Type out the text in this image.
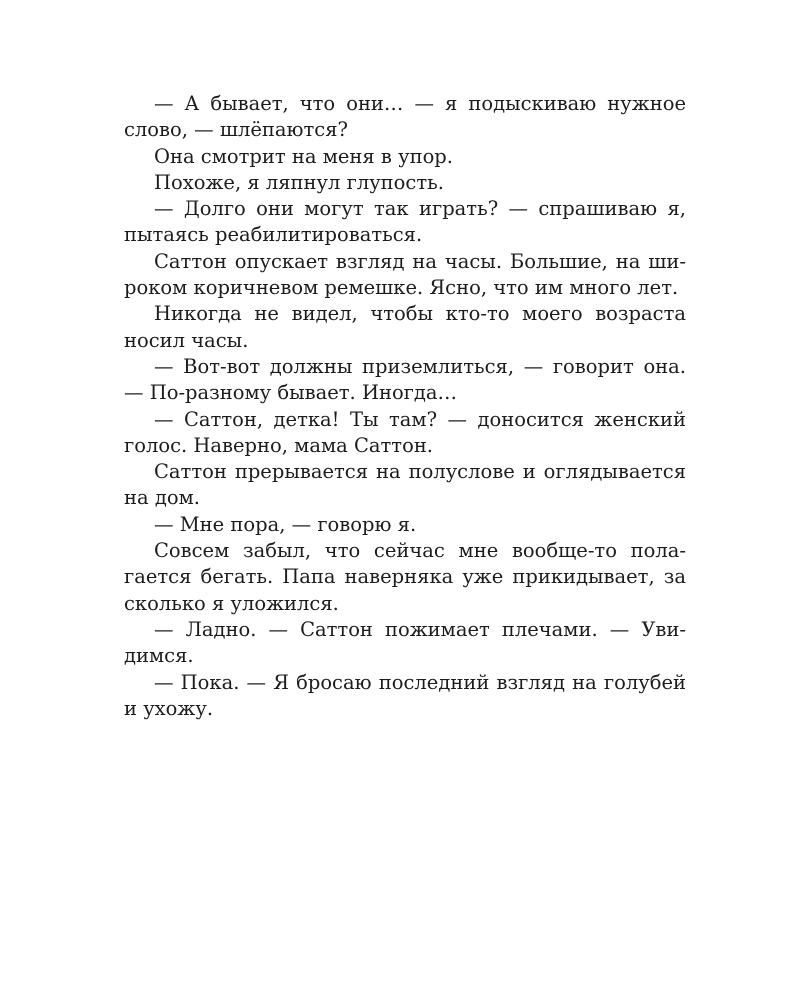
— А бывает, что они… — я подыскиваю нужное слово, — шлёпаются?

Она смотрит на меня в упор.

Похоже, я ляпнул глупость.

— Долго они могут так играть? — спрашиваю я, пытаясь реабилитироваться.

Саттон опускает взгляд на часы. Большие, на широком коричневом ремешке. Ясно, что им много лет.

Никогда не видел, чтобы кто-то моего возраста носил часы.

— Вот-вот должны приземлиться, — говорит она. — По-разному бывает. Иногда…

— Саттон, детка! Ты там? — доносится женский голос. Наверно, мама Саттон.

Саттон прерывается на полуслове и оглядывается на дом.

— Мне пора, — говорю я.

Совсем забыл, что сейчас мне вообще-то полагается бегать. Папа наверняка уже прикидывает, за сколько я уложился.

— Ладно. — Саттон пожимает плечами. — Увидимся.

— Пока. — Я бросаю последний взгляд на голубей и ухожу.
